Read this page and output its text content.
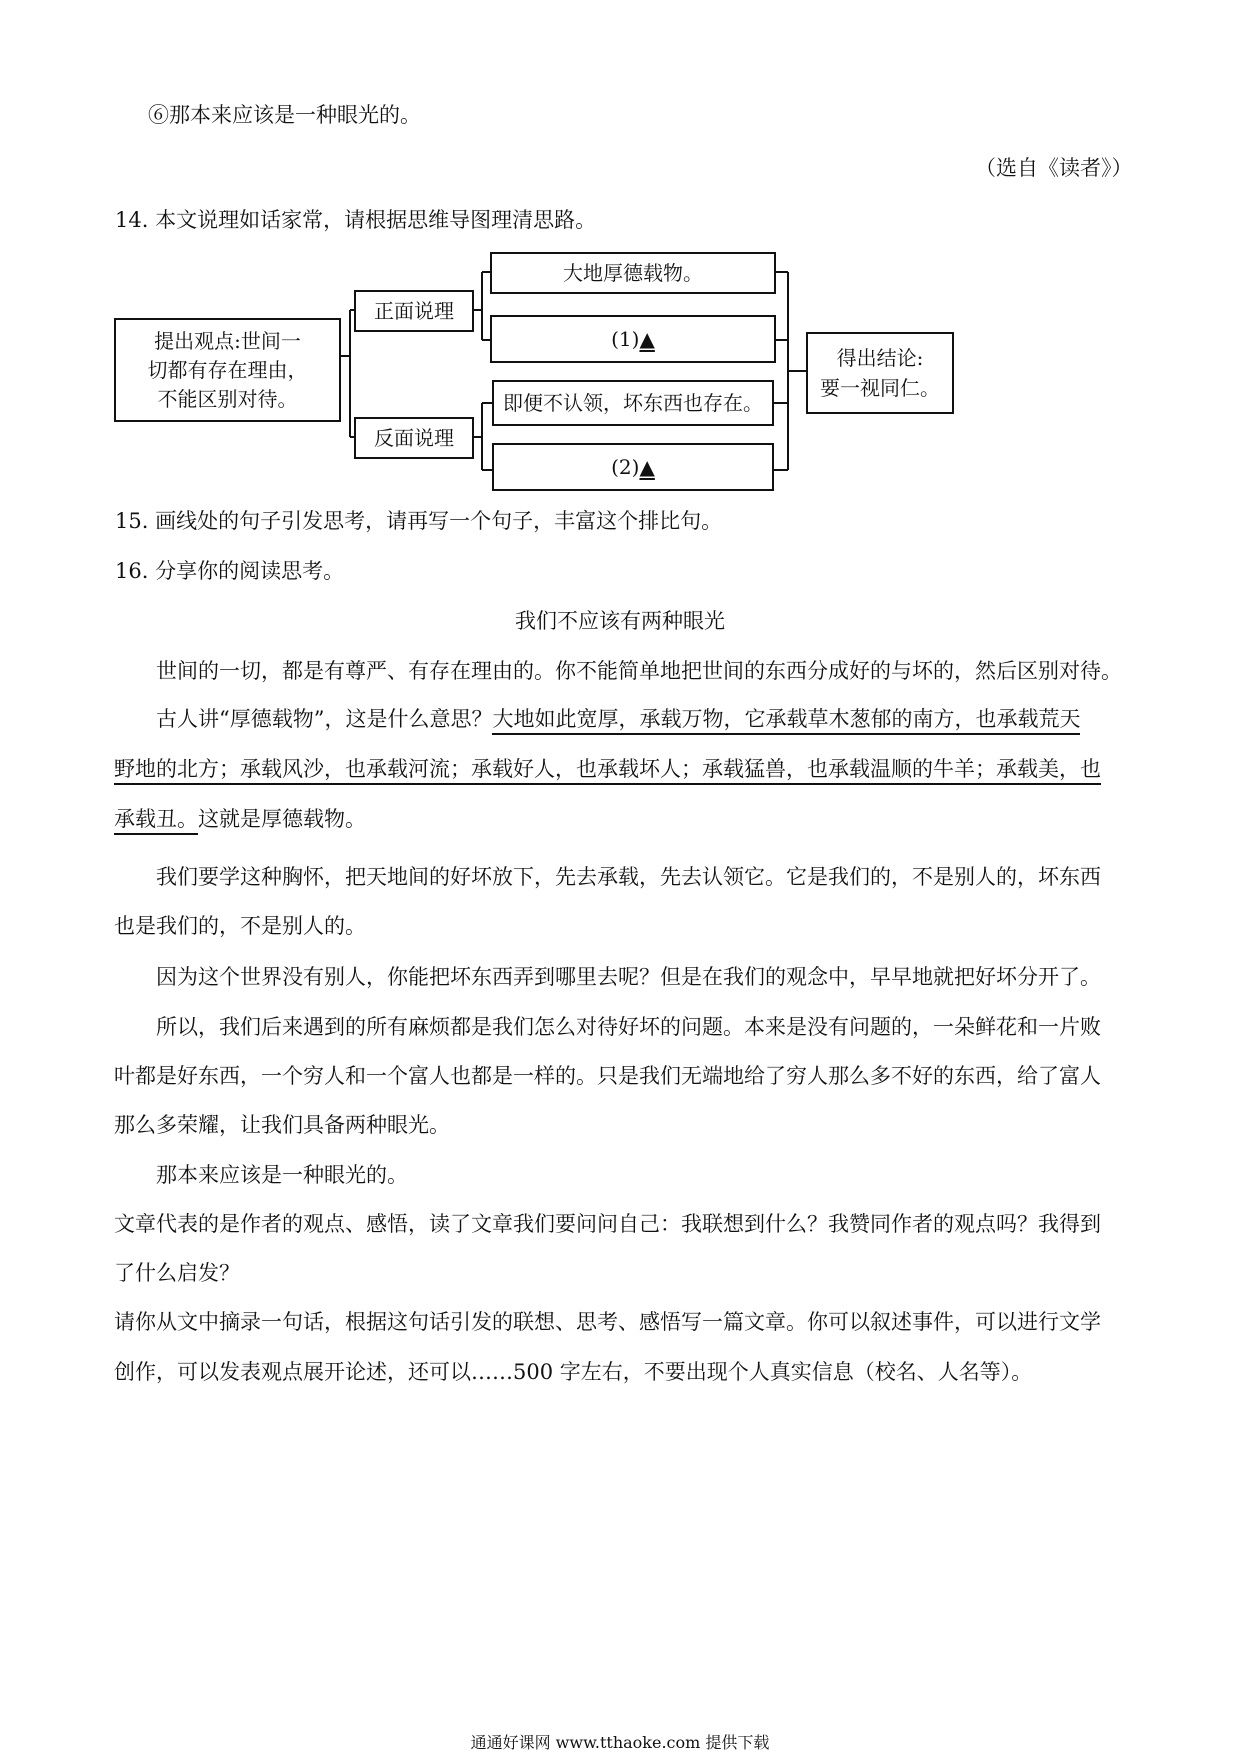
⑥那本来应该是一种眼光的。
（选自《读者》）
14. 本文说理如话家常，请根据思维导图理清思路。
提出观点:世间一
切都有存在理由，
不能区别对待。
正面说理
反面说理
大地厚德载物。
(1) ▲
即便不认领，坏东西也存在。
(2) ▲
得出结论:
要一视同仁。
15. 画线处的句子引发思考，请再写一个句子，丰富这个排比句。
16. 分享你的阅读思考。
我们不应该有两种眼光
世间的一切，都是有尊严、有存在理由的。你不能简单地把世间的东西分成好的与坏的，然后区别对待。
古人讲“厚德载物”，这是什么意思？大地如此宽厚，承载万物，它承载草木葱郁的南方，也承载荒天
野地的北方；承载风沙，也承载河流；承载好人，也承载坏人；承载猛兽，也承载温顺的牛羊；承载美，也
承载丑。这就是厚德载物。
我们要学这种胸怀，把天地间的好坏放下，先去承载，先去认领它。它是我们的，不是别人的，坏东西
也是我们的，不是别人的。
因为这个世界没有别人，你能把坏东西弄到哪里去呢？但是在我们的观念中，早早地就把好坏分开了。
所以，我们后来遇到的所有麻烦都是我们怎么对待好坏的问题。本来是没有问题的，一朵鲜花和一片败
叶都是好东西，一个穷人和一个富人也都是一样的。只是我们无端地给了穷人那么多不好的东西，给了富人
那么多荣耀，让我们具备两种眼光。
那本来应该是一种眼光的。
文章代表的是作者的观点、感悟，读了文章我们要问问自己：我联想到什么？我赞同作者的观点吗？我得到
了什么启发？
请你从文中摘录一句话，根据这句话引发的联想、思考、感悟写一篇文章。你可以叙述事件，可以进行文学
创作，可以发表观点展开论述，还可以……500 字左右，不要出现个人真实信息（校名、人名等）。
通通好课网 www.tthaoke.com 提供下载
